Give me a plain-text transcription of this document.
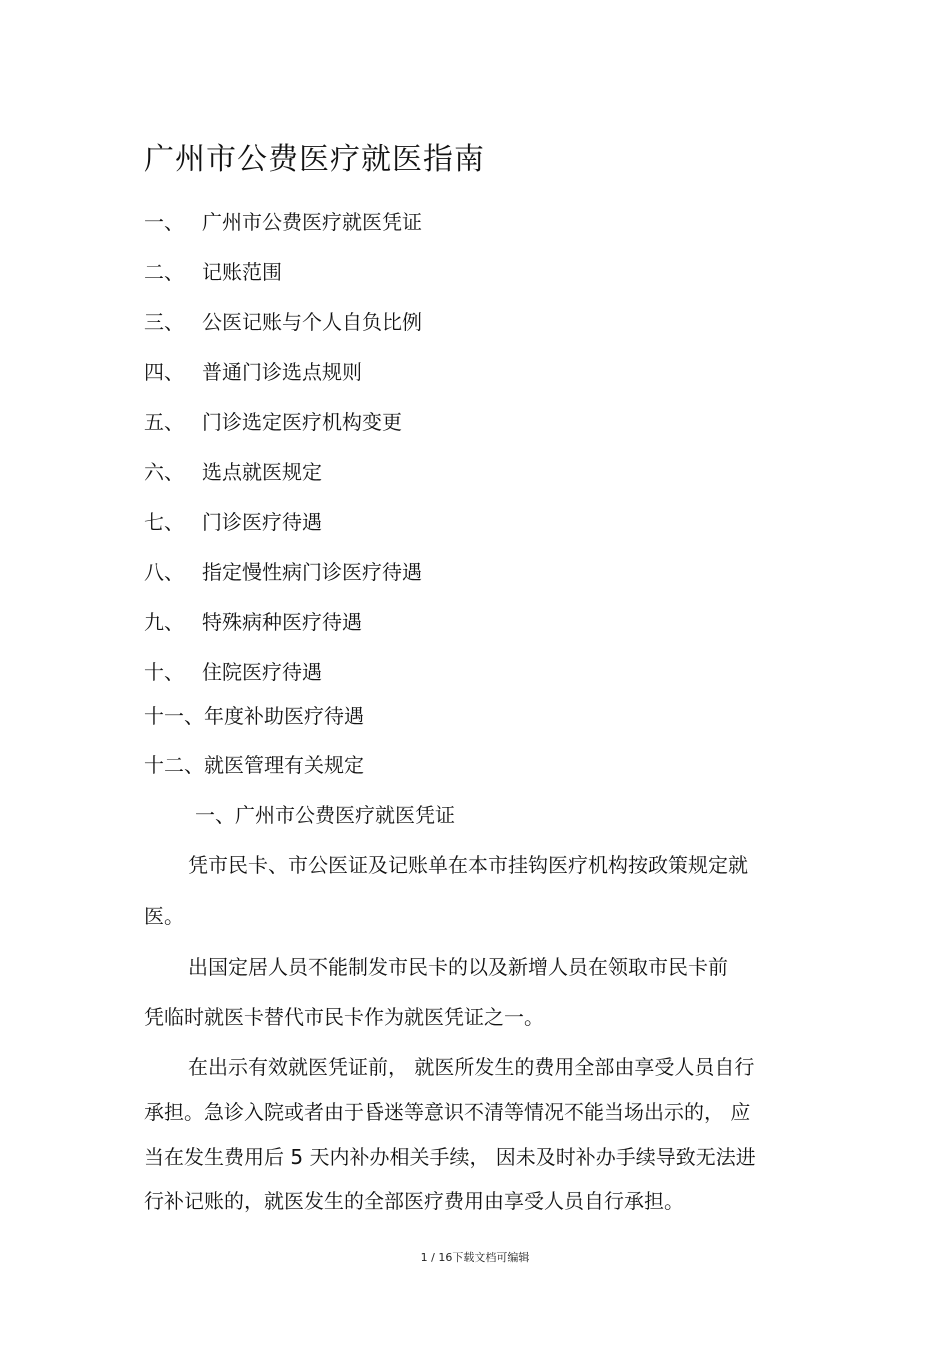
广州市公费医疗就医指南
一、 广州市公费医疗就医凭证
二、 记账范围
三、 公医记账与个人自负比例
四、 普通门诊选点规则
五、 门诊选定医疗机构变更
六、 选点就医规定
七、 门诊医疗待遇
八、 指定慢性病门诊医疗待遇
九、 特殊病种医疗待遇
十、 住院医疗待遇
十一、年度补助医疗待遇
十二、就医管理有关规定
一、广州市公费医疗就医凭证
凭市民卡、市公医证及记账单在本市挂钩医疗机构按政策规定就
医。
出国定居人员不能制发市民卡的以及新增人员在领取市民卡前
凭临时就医卡替代市民卡作为就医凭证之一。
在出示有效就医凭证前， 就医所发生的费用全部由享受人员自行
承担。急诊入院或者由于昏迷等意识不清等情况不能当场出示的， 应
当在发生费用后 5 天内补办相关手续， 因未及时补办手续导致无法进
行补记账的，就医发生的全部医疗费用由享受人员自行承担。
1 / 16下载文档可编辑
